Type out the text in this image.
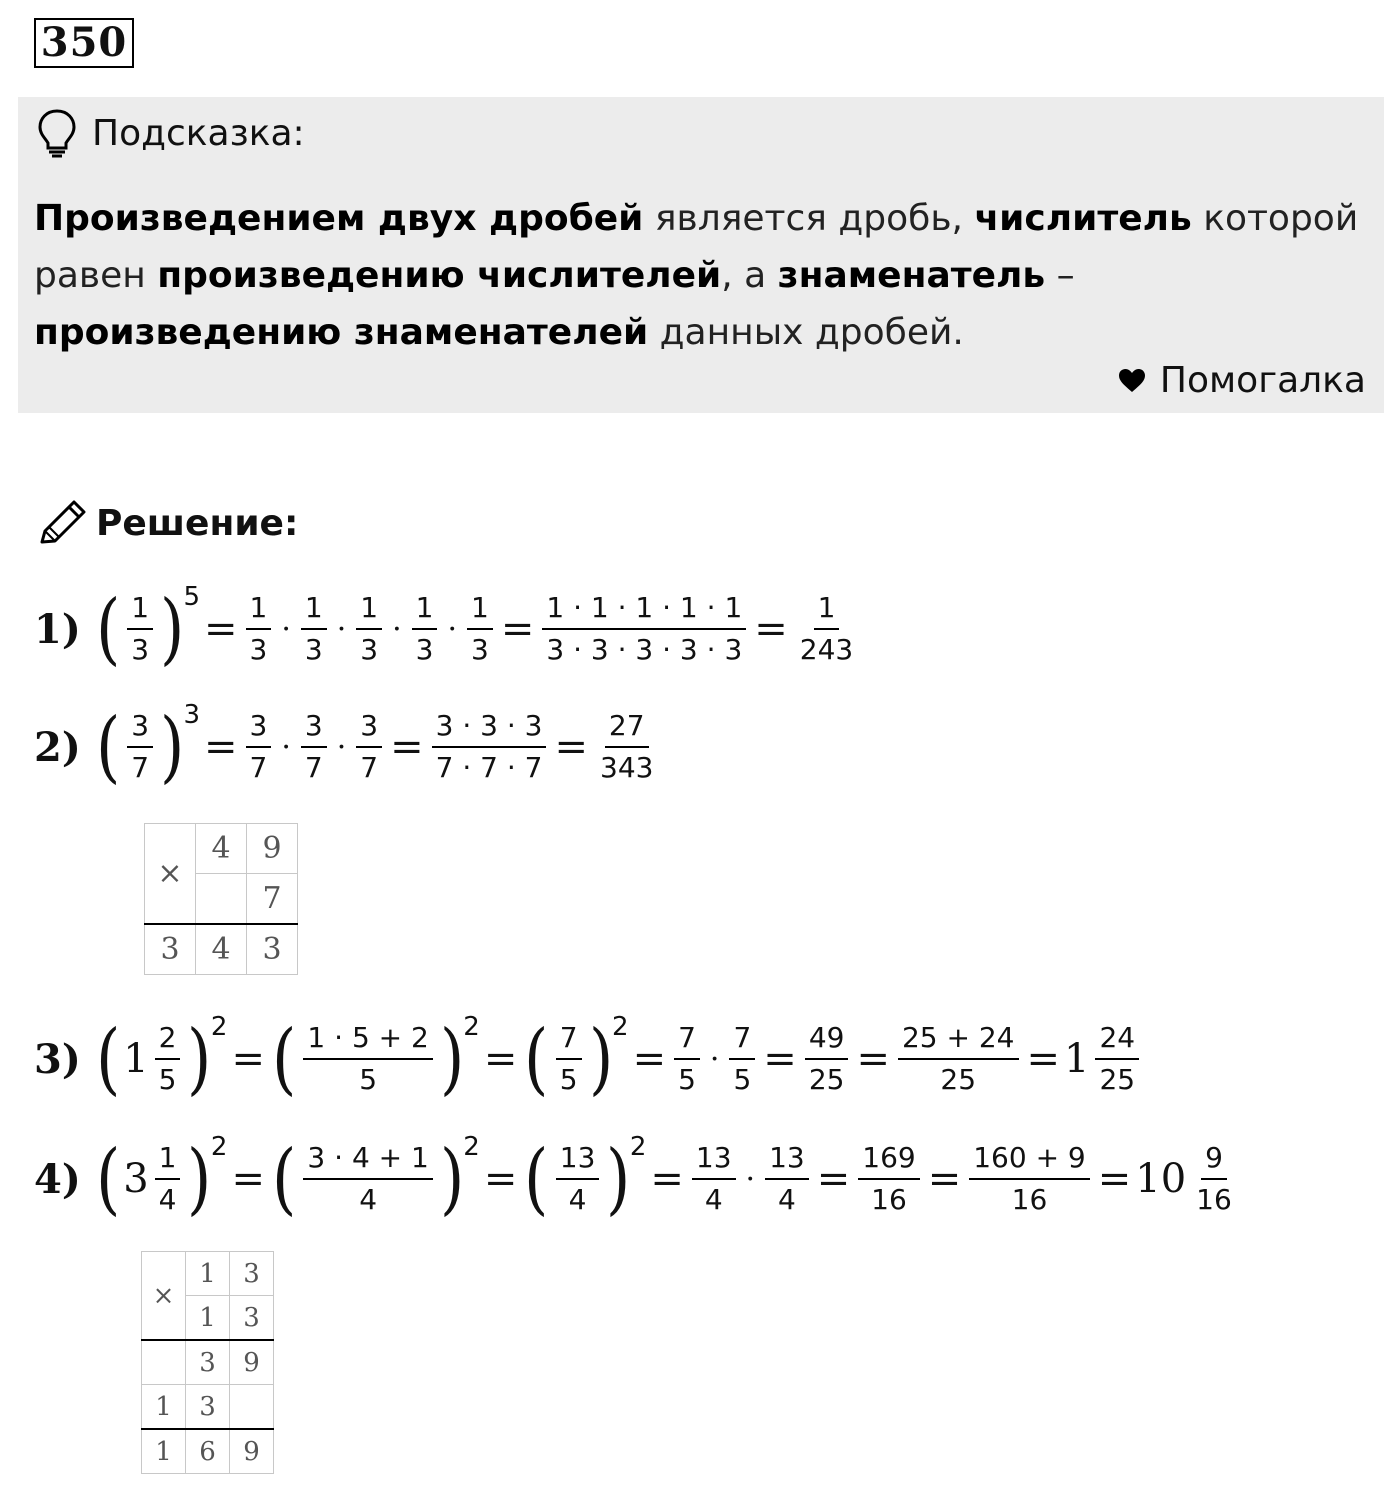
350
Подсказка:
Произведением двух дробей является дробь, числитель которой равен произведению числителей, а знаменатель – произведению знаменателей данных дробей.
Помогалка
Решение:
1) ( $\frac{1}{3}$ ) 5
= $\frac{1}{3} \cdot \frac{1}{3} \cdot \frac{1}{3} \cdot \frac{1}{3} \cdot \frac{1}{3} = \frac{1 \cdot 1 \cdot 1 \cdot 1 \cdot 1}{3 \cdot 3 \cdot 3 \cdot 3 \cdot 3} = \frac{1}{243}$
2) ( $\frac{3}{7}$ ) 3
= $\frac{3}{7} \cdot \frac{3}{7} \cdot \frac{3}{7} = \frac{3 \cdot 3 \cdot 3}{7 \cdot 7 \cdot 7} = \frac{27}{343}$
3) ( $1 \frac{2}{5}$ ) 2
= ( $\frac{1 \cdot 5 + 2}{5}$ ) 2
= ( $\frac{7}{5}$ ) 2
= $\frac{7}{5} \cdot \frac{7}{5} = \frac{49}{25} = \frac{25 + 24}{25} = 1 \frac{24}{25}$
4) ( $3 \frac{1}{4}$ ) 2
= ( $\frac{3 \cdot 4 + 1}{4}$ ) 2
= ( $\frac{13}{4}$ ) 2
= $\frac{13}{4} \cdot \frac{13}{4} = \frac{169}{16} = \frac{160 + 9}{16} = 10 \frac{9}{16}$
×	4	9
		7
3	4	3
×	1	3
	1	3
	3	9
1	3	
1	6	9
